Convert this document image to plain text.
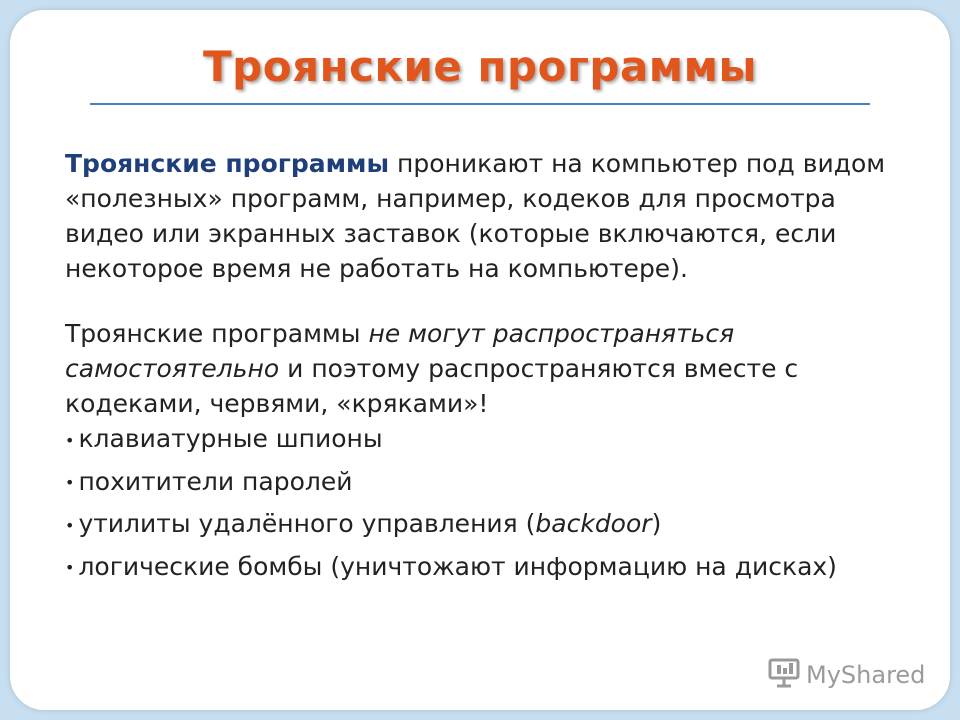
Троянские программы

Троянские программы проникают на компьютер под видом «полезных» программ, например, кодеков для просмотра видео или экранных заставок (которые включаются, если некоторое время не работать на компьютере).

Троянские программы не могут распространяться самостоятельно и поэтому распространяются вместе с кодеками, червями, «кряками»!

• клавиатурные шпионы
• похитители паролей
• утилиты удалённого управления (backdoor)
• логические бомбы (уничтожают информацию на дисках)
MyShared
